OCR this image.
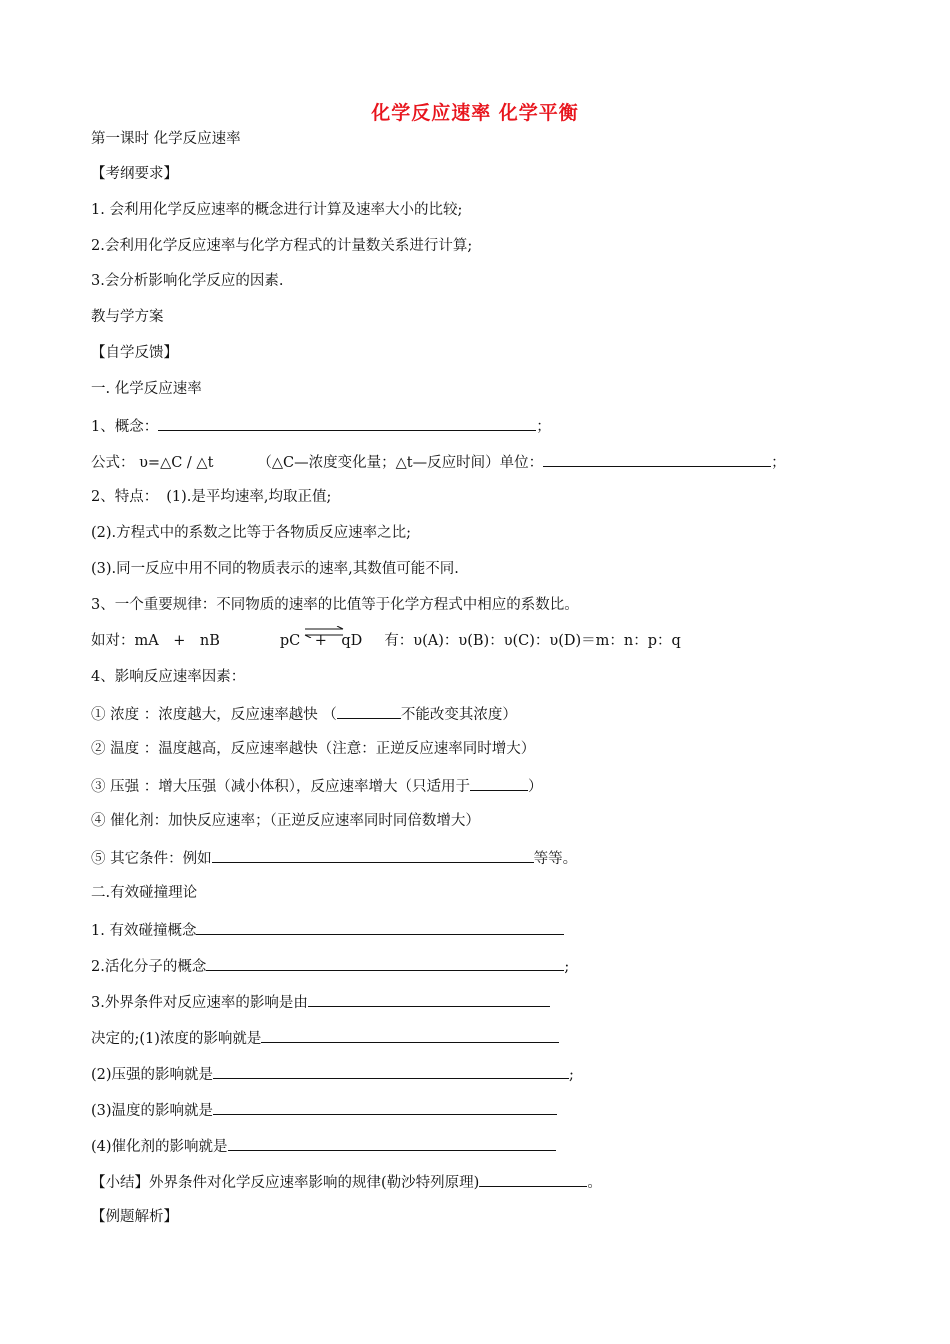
化学反应速率 化学平衡
第一课时 化学反应速率
【考纲要求】
1. 会利用化学反应速率的概念进行计算及速率大小的比较;
2.会利用化学反应速率与化学方程式的计量数关系进行计算;
3.会分析影响化学反应的因素.
教与学方案
【自学反馈】
一. 化学反应速率
1、概念：	；
公式： υ=△C / △t	（△C—浓度变化量；△t—反应时间）单位：	；
2、特点： (1).是平均速率,均取正值;
(2).方程式中的系数之比等于各物质反应速率之比;
(3).同一反应中用不同的物质表示的速率,其数值可能不同.
3、一个重要规律：不同物质的速率的比值等于化学方程式中相应的系数比。
如对：mA　+　nB	pC　+　qD 有：υ(A)：υ(B)：υ(C)：υ(D)＝m：n：p：q
4、影响反应速率因素：
① 浓度 ：浓度越大，反应速率越快 （	不能改变其浓度）
② 温度 ：温度越高，反应速率越快（注意：正逆反应速率同时增大）
③ 压强 ：增大压强（减小体积），反应速率增大（只适用于	）
④ 催化剂：加快反应速率；（正逆反应速率同时同倍数增大）
⑤ 其它条件：例如	等等。
二.有效碰撞理论
1. 有效碰撞概念
2.活化分子的概念	;
3.外界条件对反应速率的影响是由
决定的;(1)浓度的影响就是
(2)压强的影响就是	;
(3)温度的影响就是
(4)催化剂的影响就是
【小结】外界条件对化学反应速率影响的规律(勒沙特列原理)	。
【例题解析】
